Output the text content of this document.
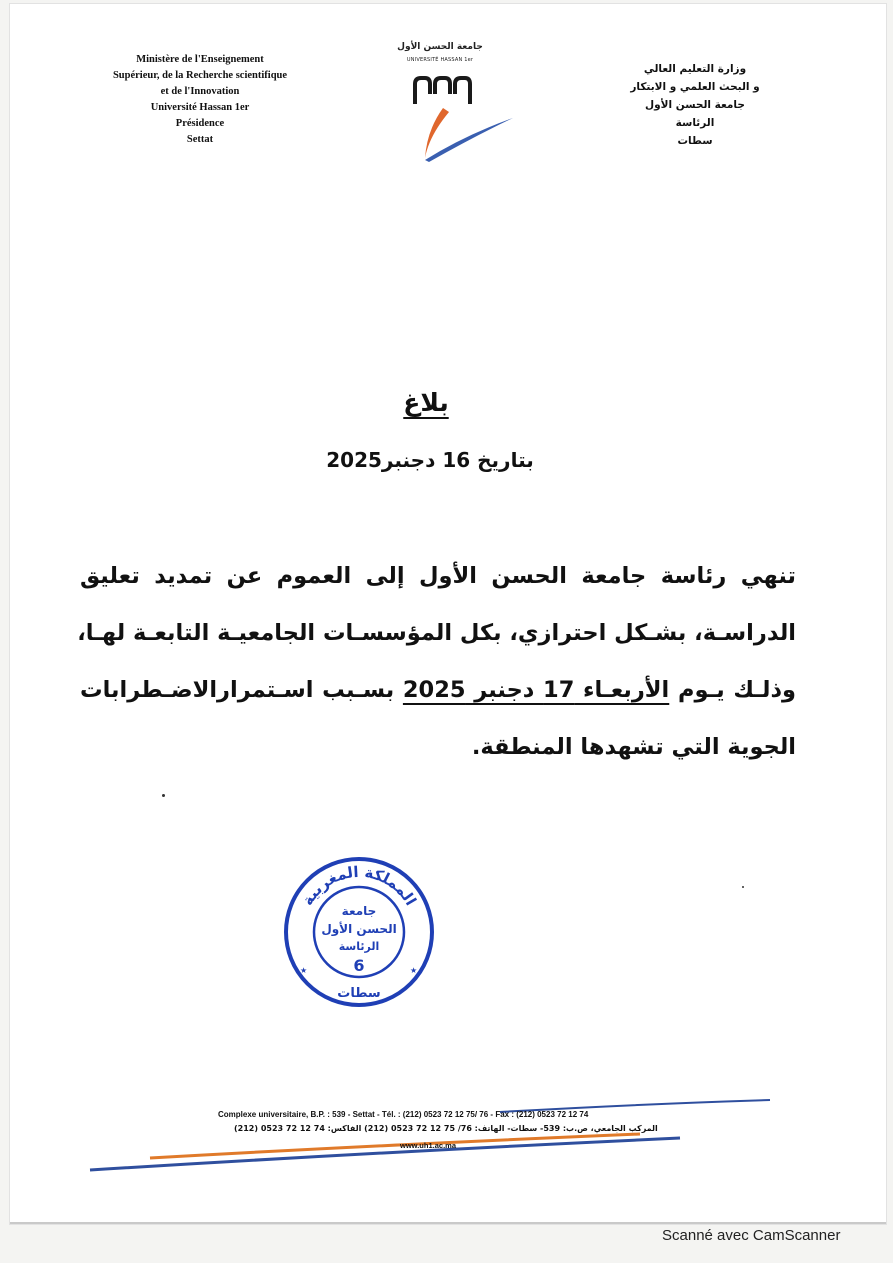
Ministère de l'Enseignement
Supérieur, de la Recherche scientifique
et de l'Innovation
Université Hassan 1er
Présidence
Settat
جامعة الحسن الأول
UNIVERSITÉ HASSAN 1er
وزارة التعليم العالي
و البحث العلمي و الابتكار
جامعة الحسن الأول
الرئاسة
سطات
بلاغ
بتاريخ 16 دجنبر2025
تنهي رئاسة جامعة الحسن الأول إلى العموم عن تمديد تعليق
الدراسـة، بشـكل احترازي، بكل المؤسسـات الجامعيـة التابعـة لهـا،
وذلـك يـوم الأربعـاء 17 دجنبر 2025 بسـبب اسـتمرارالاضـطرابات
الجوية التي تشهدها المنطقة.
المملكة المغربية
جامعة
الحسن الأول
الرئاسة
6
سطات
★	★
Complexe universitaire, B.P. : 539 - Settat - Tél. : (212) 0523 72 12 75/ 76 - Fax : (212) 0523 72 12 74
المركب الجامعي، ص.ب: 539- سطات- الهاتف: 76/ 75 12 72 0523 (212) الفاكس: 74 12 72 0523 (212)
www.uh1.ac.ma
Scanné avec CamScanner
